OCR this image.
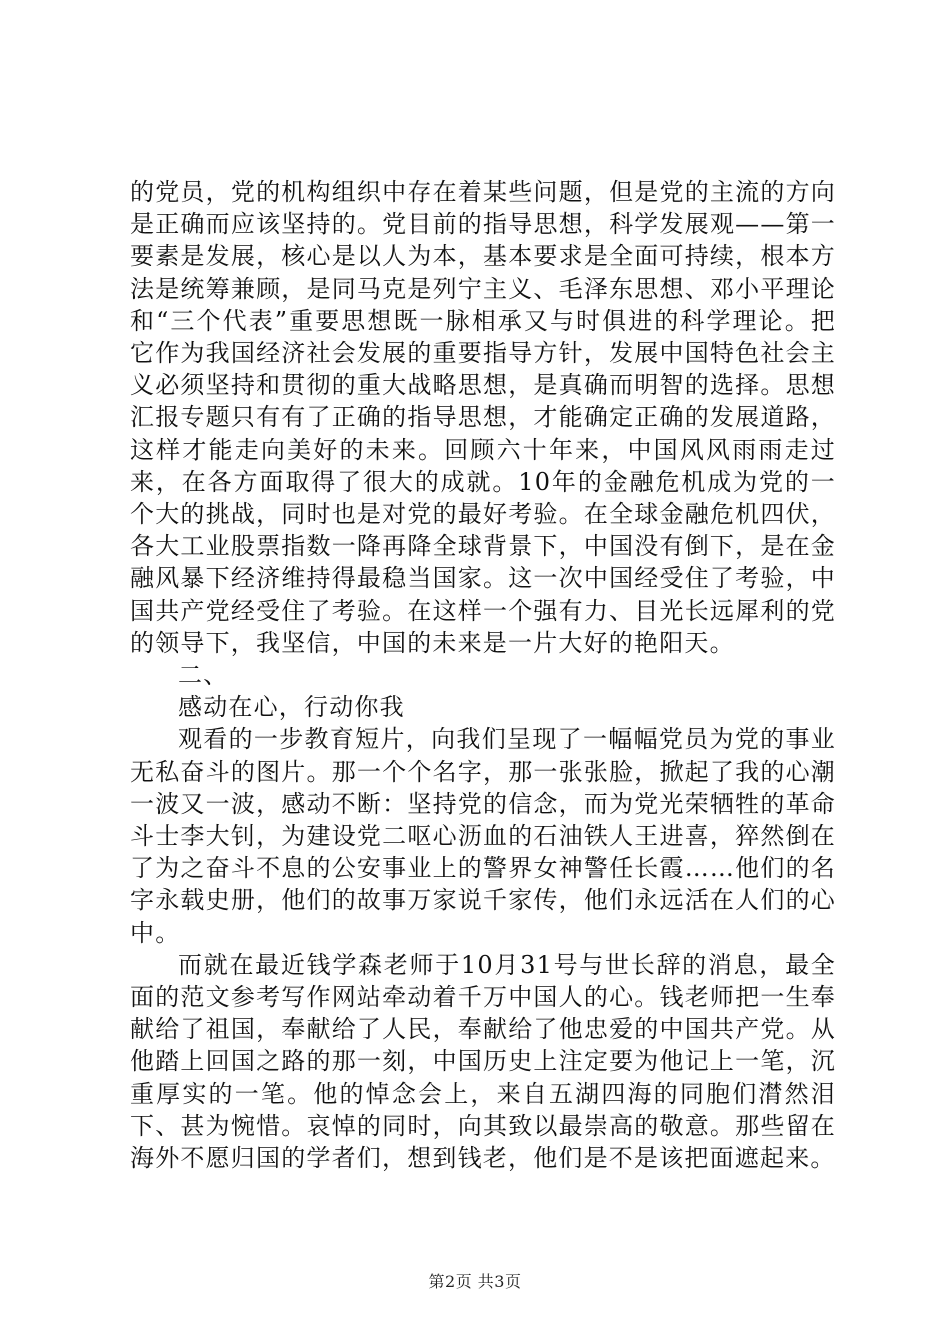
的党员，党的机构组织中存在着某些问题，但是党的主流的方向是正确而应该坚持的。党目前的指导思想，科学发展观——第一要素是发展，核心是以人为本，基本要求是全面可持续，根本方法是统筹兼顾，是同马克是列宁主义、毛泽东思想、邓小平理论和“三个代表”重要思想既一脉相承又与时俱进的科学理论。把它作为我国经济社会发展的重要指导方针，发展中国特色社会主义必须坚持和贯彻的重大战略思想，是真确而明智的选择。思想汇报专题只有有了正确的指导思想，才能确定正确的发展道路，这样才能走向美好的未来。回顾六十年来，中国风风雨雨走过来，在各方面取得了很大的成就。10年的金融危机成为党的一个大的挑战，同时也是对党的最好考验。在全球金融危机四伏，各大工业股票指数一降再降全球背景下，中国没有倒下，是在金融风暴下经济维持得最稳当国家。这一次中国经受住了考验，中国共产党经受住了考验。在这样一个强有力、目光长远犀利的党的领导下，我坚信，中国的未来是一片大好的艳阳天。

二、

感动在心，行动你我

观看的一步教育短片，向我们呈现了一幅幅党员为党的事业无私奋斗的图片。那一个个名字，那一张张脸，掀起了我的心潮一波又一波，感动不断：坚持党的信念，而为党光荣牺牲的革命斗士李大钊，为建设党二呕心沥血的石油铁人王进喜，猝然倒在了为之奋斗不息的公安事业上的警界女神警任长霞……他们的名字永载史册，他们的故事万家说千家传，他们永远活在人们的心中。

而就在最近钱学森老师于10月31号与世长辞的消息，最全面的范文参考写作网站牵动着千万中国人的心。钱老师把一生奉献给了祖国，奉献给了人民，奉献给了他忠爱的中国共产党。从他踏上回国之路的那一刻，中国历史上注定要为他记上一笔，沉重厚实的一笔。他的悼念会上，来自五湖四海的同胞们潸然泪下、甚为惋惜。哀悼的同时，向其致以最崇高的敬意。那些留在海外不愿归国的学者们，想到钱老，他们是不是该把面遮起来。

第2页 共3页
